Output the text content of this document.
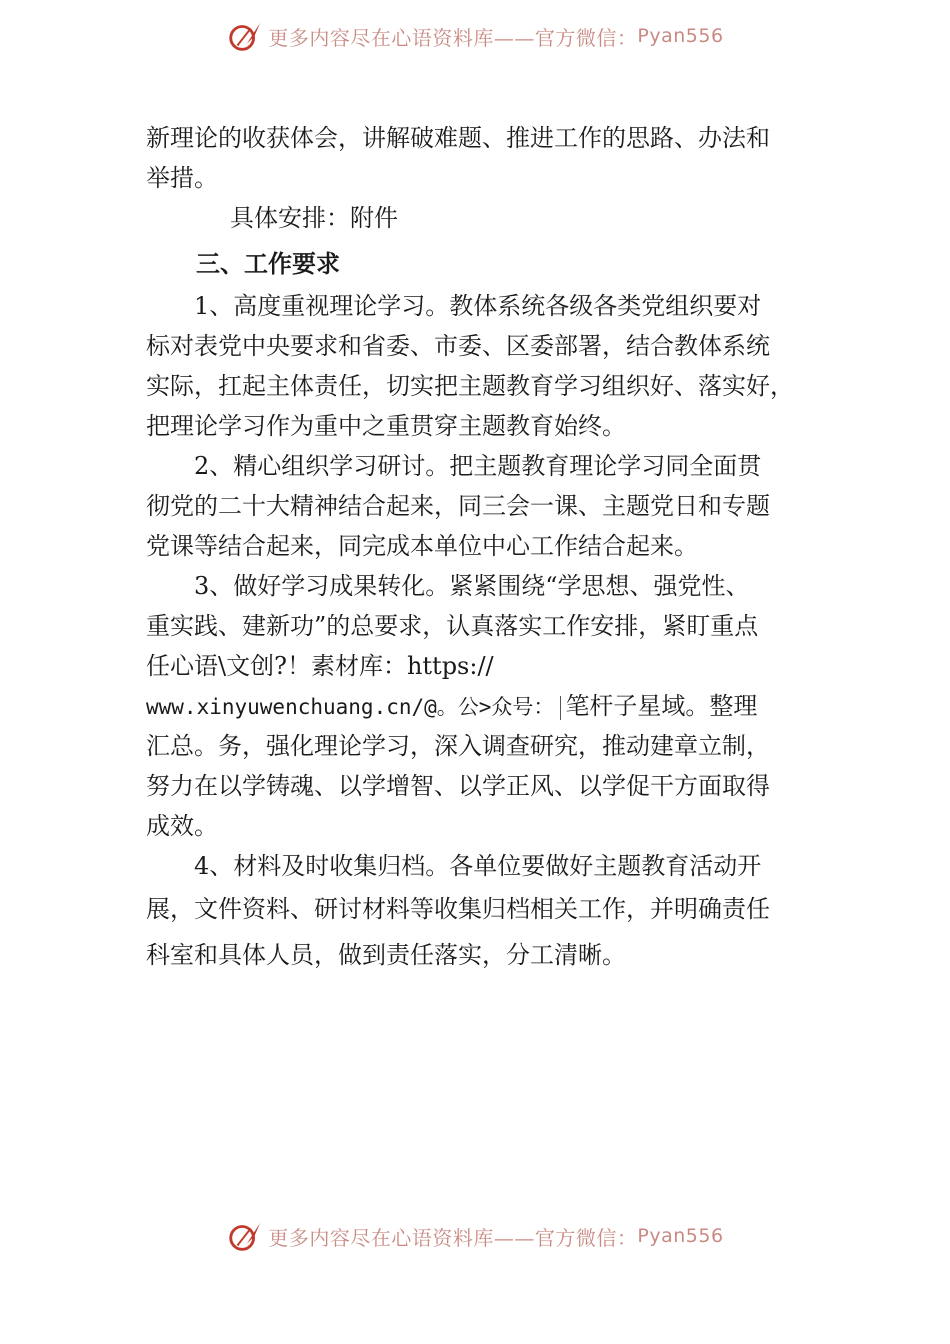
更多内容尽在心语资料库——官方微信： Pyan556

新理论的收获体会，讲解破难题、推进工作的思路、办法和

举措。

具体安排：附件

三、工作要求

1、高度重视理论学习。教体系统各级各类党组织要对

标对表党中央要求和省委、市委、区委部署，结合教体系统

实际，扛起主体责任，切实把主题教育学习组织好、落实好，

把理论学习作为重中之重贯穿主题教育始终。

2、精心组织学习研讨。把主题教育理论学习同全面贯

彻党的二十大精神结合起来，同三会一课、主题党日和专题

党课等结合起来，同完成本单位中心工作结合起来。

3、做好学习成果转化。紧紧围绕“学思想、强党性、

重实践、建新功”的总要求，认真落实工作安排，紧盯重点

任心语\文创?！素材库：https://

www.xinyuwenchuang.cn/@。公>众号： 笔杆子星域。整理

汇总。务，强化理论学习，深入调查研究，推动建章立制，

努力在以学铸魂、以学增智、以学正风、以学促干方面取得

成效。

4、材料及时收集归档。各单位要做好主题教育活动开

展，文件资料、研讨材料等收集归档相关工作，并明确责任

科室和具体人员，做到责任落实，分工清晰。

更多内容尽在心语资料库——官方微信： Pyan556
